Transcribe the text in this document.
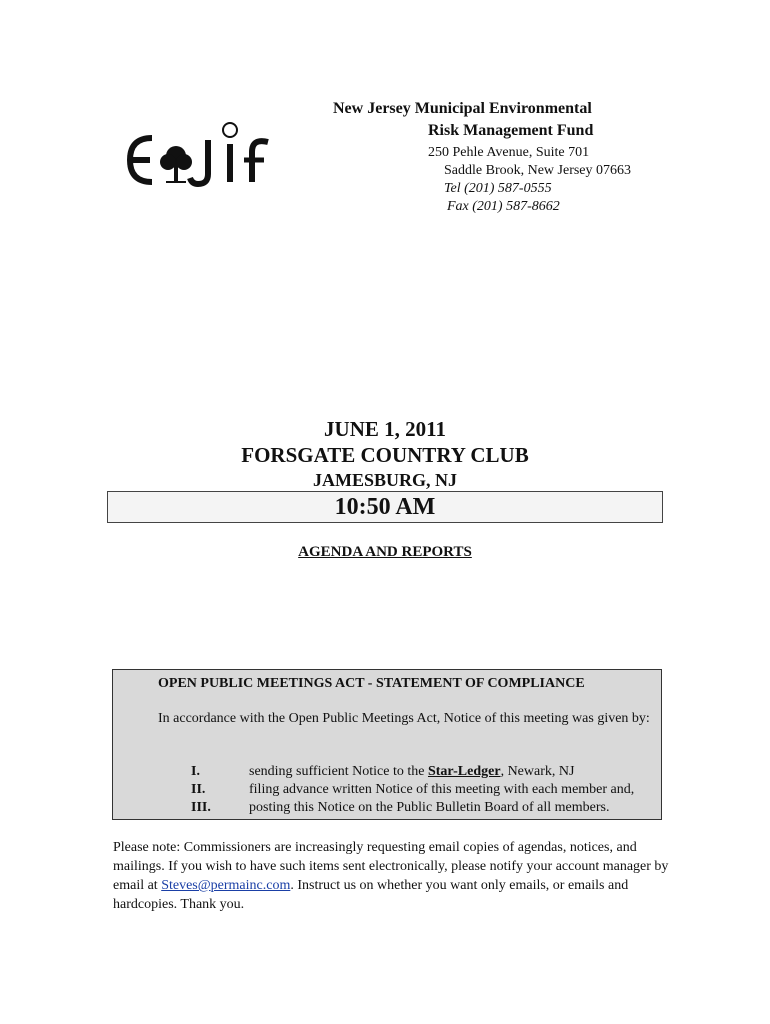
New Jersey Municipal Environmental
Risk Management Fund
250 Pehle Avenue, Suite 701
Saddle Brook, New Jersey 07663
Tel (201) 587-0555
Fax (201) 587-8662
JUNE 1, 2011
FORSGATE COUNTRY CLUB
JAMESBURG, NJ
10:50 AM
AGENDA AND REPORTS
OPEN PUBLIC MEETINGS ACT - STATEMENT OF COMPLIANCE
In accordance with the Open Public Meetings Act, Notice of this meeting was given by:
I.	sending sufficient Notice to the Star-Ledger, Newark, NJ
II.	filing advance written Notice of this meeting with each member and,
III.	posting this Notice on the Public Bulletin Board of all members.
Please note: Commissioners are increasingly requesting email copies of agendas, notices, and mailings. If you wish to have such items sent electronically, please notify your account manager by email at Steves@permainc.com. Instruct us on whether you want only emails, or emails and hardcopies. Thank you.
